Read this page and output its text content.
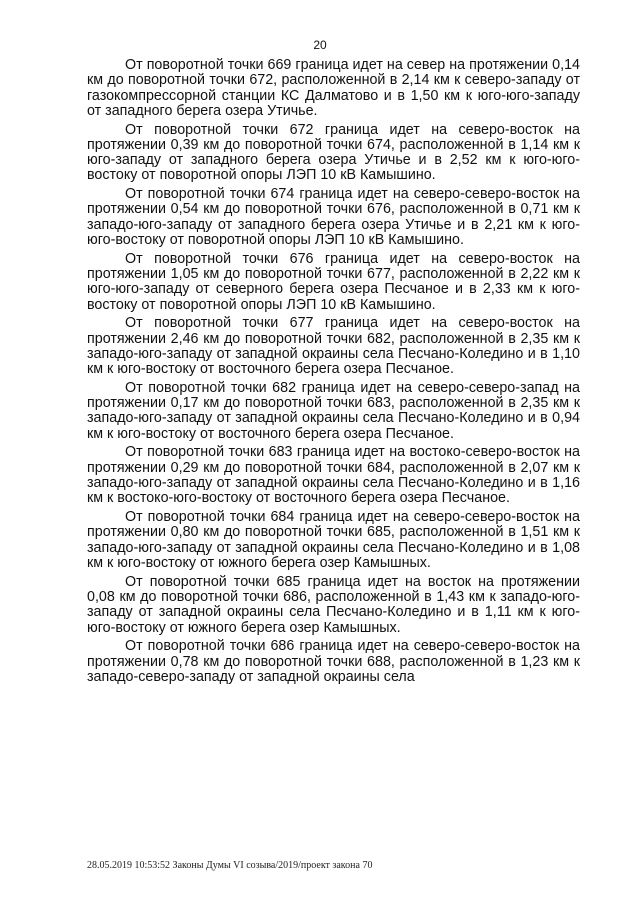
20

От поворотной точки 669 граница идет на север на протяжении 0,14 км до поворотной точки 672, расположенной в 2,14 км к северо-западу от газокомпрессорной станции КС Далматово и в 1,50 км к юго-юго-западу от западного берега озера Утичье.

От поворотной точки 672 граница идет на северо-восток на протяжении 0,39 км до поворотной точки 674, расположенной в 1,14 км к юго-западу от западного берега озера Утичье и в 2,52 км к юго-юго-востоку от поворотной опоры ЛЭП 10 кВ Камышино.

От поворотной точки 674 граница идет на северо-северо-восток на протяжении 0,54 км до поворотной точки 676, расположенной в 0,71 км к западо-юго-западу от западного берега озера Утичье и в 2,21 км к юго-юго-востоку от поворотной опоры ЛЭП 10 кВ Камышино.

От поворотной точки 676 граница идет на северо-восток на протяжении 1,05 км до поворотной точки 677, расположенной в 2,22 км к юго-юго-западу от северного берега озера Песчаное и в 2,33 км к юго-востоку от поворотной опоры ЛЭП 10 кВ Камышино.

От поворотной точки 677 граница идет на северо-восток на протяжении 2,46 км до поворотной точки 682, расположенной в 2,35 км к западо-юго-западу от западной окраины села Песчано-Коледино и в 1,10 км к юго-востоку от восточного берега озера Песчаное.

От поворотной точки 682 граница идет на северо-северо-запад на протяжении 0,17 км до поворотной точки 683, расположенной в 2,35 км к западо-юго-западу от западной окраины села Песчано-Коледино и в 0,94 км к юго-востоку от восточного берега озера Песчаное.

От поворотной точки 683 граница идет на востоко-северо-восток на протяжении 0,29 км до поворотной точки 684, расположенной в 2,07 км к западо-юго-западу от западной окраины села Песчано-Коледино и в 1,16 км к востоко-юго-востоку от восточного берега озера Песчаное.

От поворотной точки 684 граница идет на северо-северо-восток на протяжении 0,80 км до поворотной точки 685, расположенной в 1,51 км к западо-юго-западу от западной окраины села Песчано-Коледино и в 1,08 км к юго-востоку от южного берега озер Камышных.

От поворотной точки 685 граница идет на восток на протяжении 0,08 км до поворотной точки 686, расположенной в 1,43 км к западо-юго-западу от западной окраины села Песчано-Коледино и в 1,11 км к юго-юго-востоку от южного берега озер Камышных.

От поворотной точки 686 граница идет на северо-северо-восток на протяжении 0,78 км до поворотной точки 688, расположенной в 1,23 км к западо-северо-западу от западной окраины села

28.05.2019 10:53:52 Законы Думы VI созыва/2019/проект закона 70
